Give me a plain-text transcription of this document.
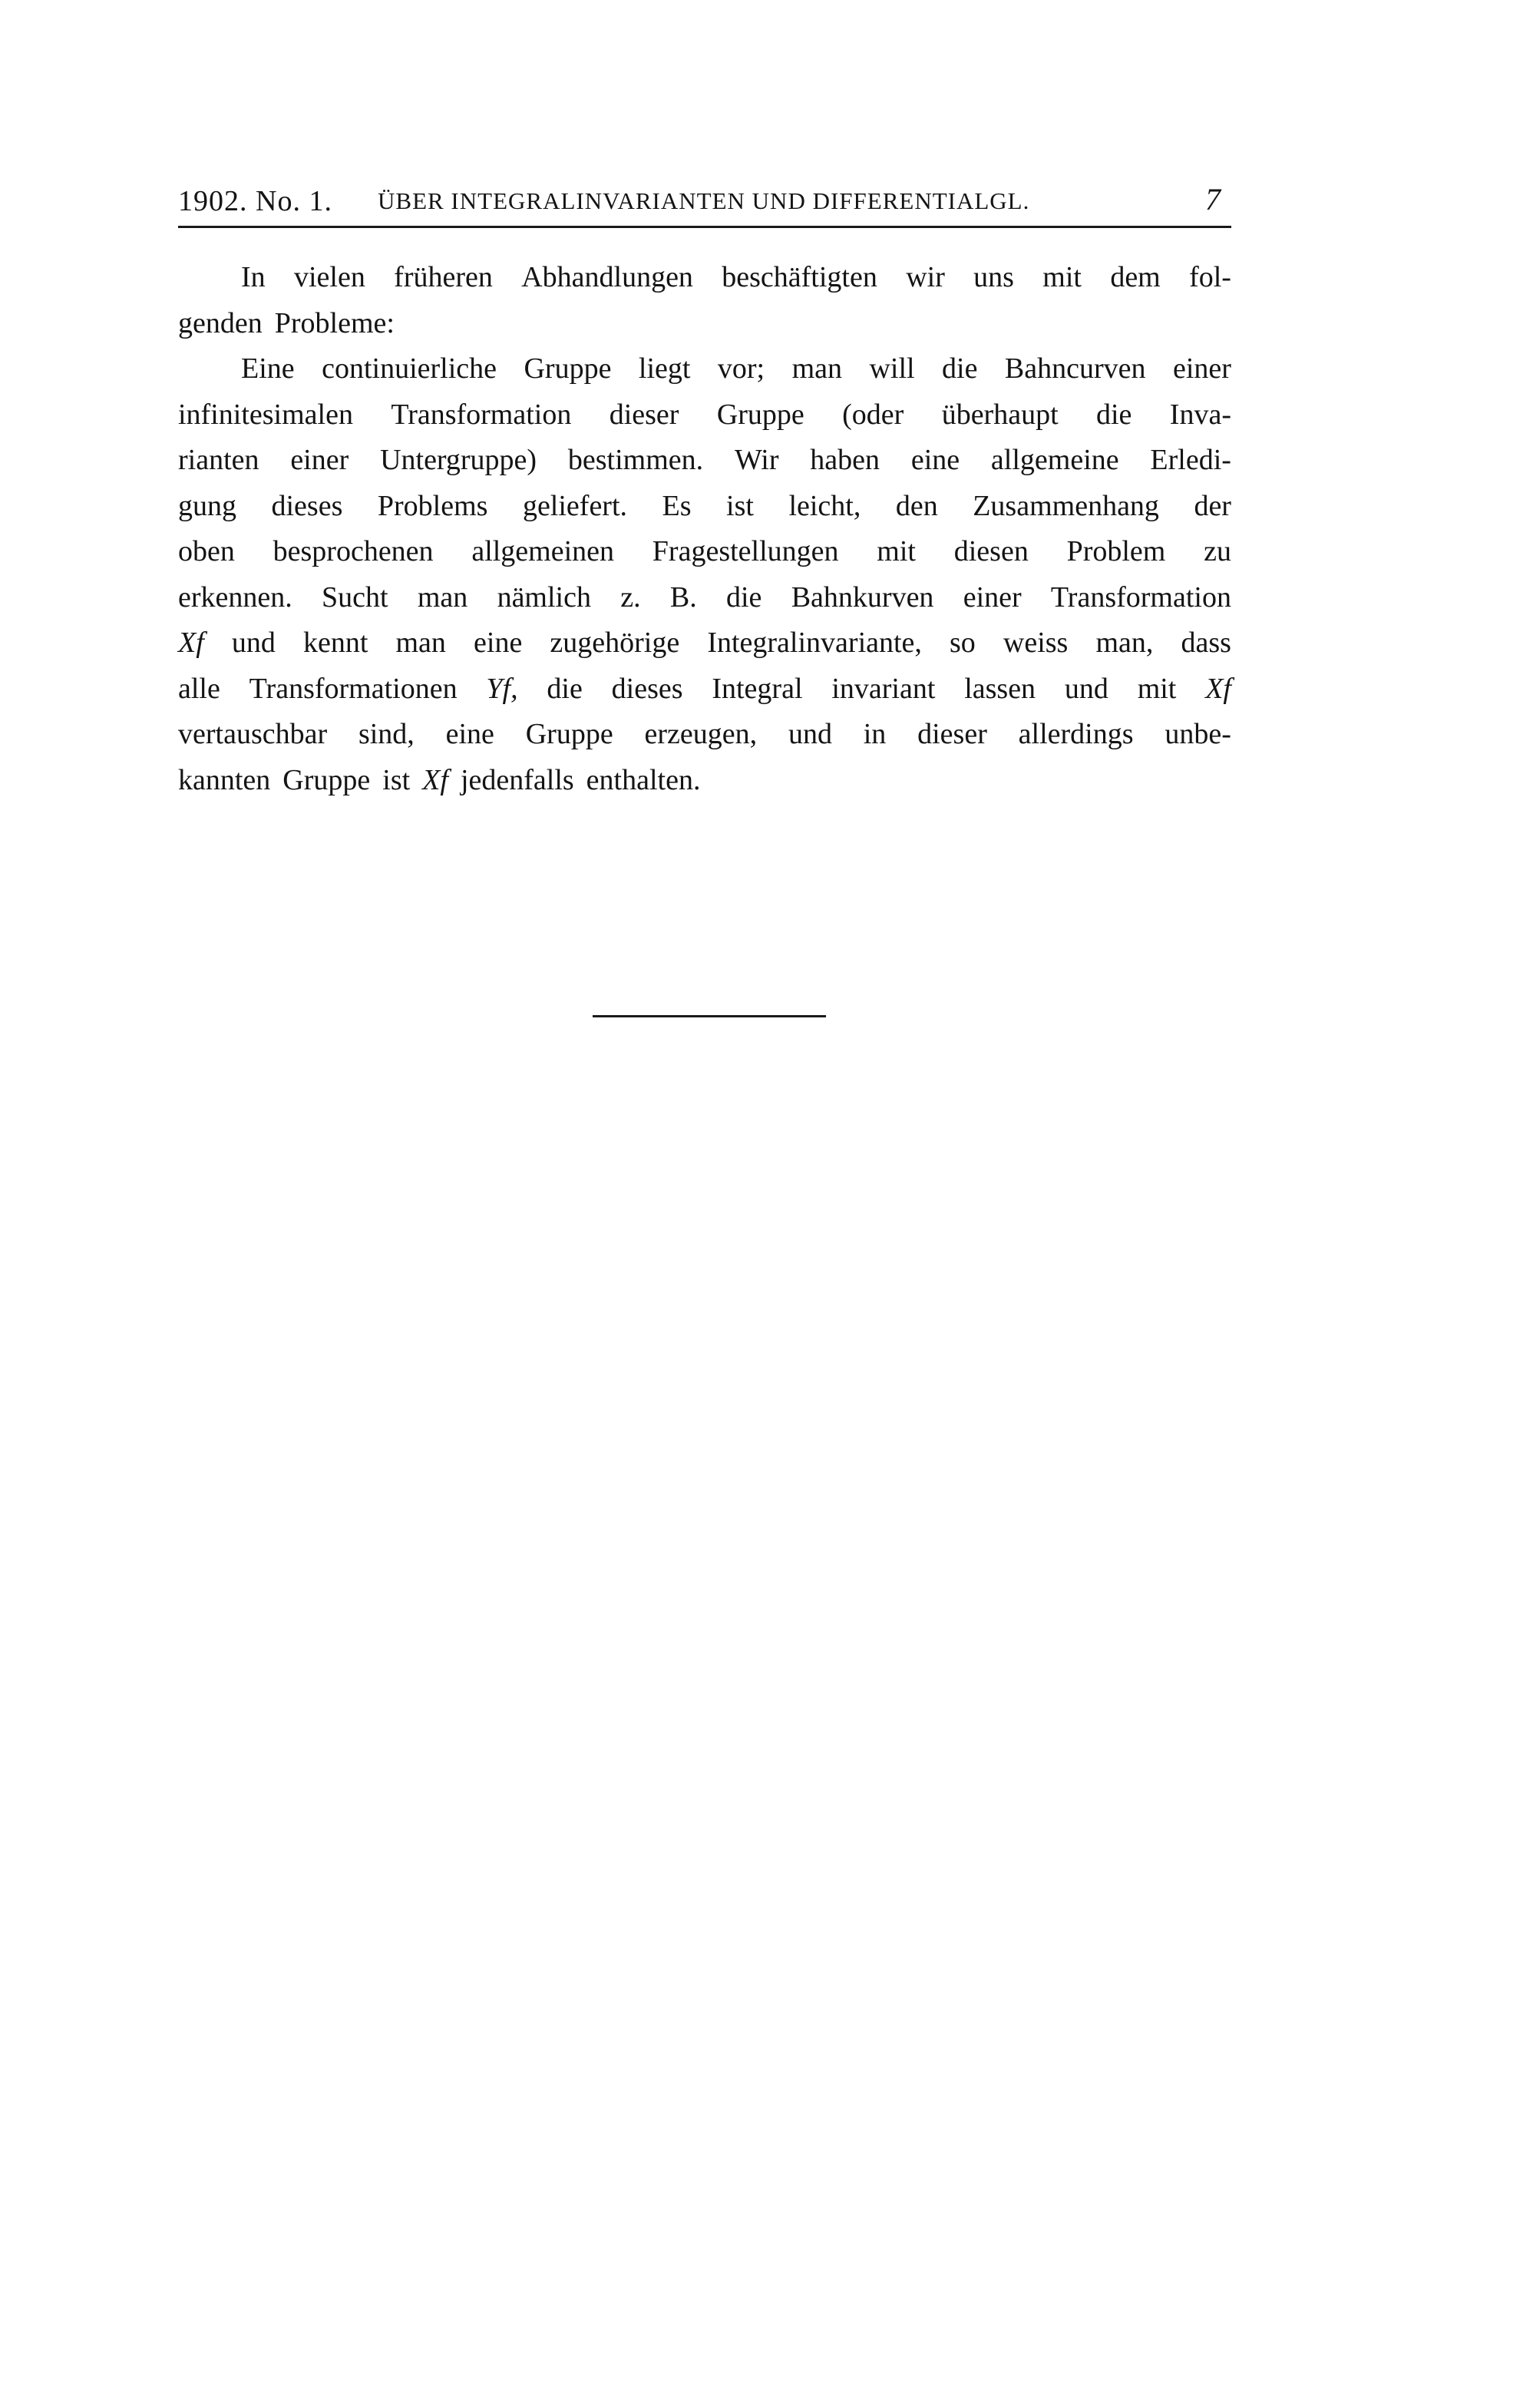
1902. No. 1. ÜBER INTEGRALINVARIANTEN UND DIFFERENTIALGL.	7
In vielen früheren Abhandlungen beschäftigten wir uns mit dem fol-
genden Probleme:
Eine continuierliche Gruppe liegt vor; man will die Bahncurven einer
infinitesimalen Transformation dieser Gruppe (oder überhaupt die Inva-
rianten einer Untergruppe) bestimmen. Wir haben eine allgemeine Erledi-
gung dieses Problems geliefert. Es ist leicht, den Zusammenhang der
oben besprochenen allgemeinen Fragestellungen mit diesen Problem zu
erkennen. Sucht man nämlich z. B. die Bahnkurven einer Transformation
Xf und kennt man eine zugehörige Integralinvariante, so weiss man, dass
alle Transformationen Yf, die dieses Integral invariant lassen und mit Xf
vertauschbar sind, eine Gruppe erzeugen, und in dieser allerdings unbe-
kannten Gruppe ist Xf jedenfalls enthalten.
